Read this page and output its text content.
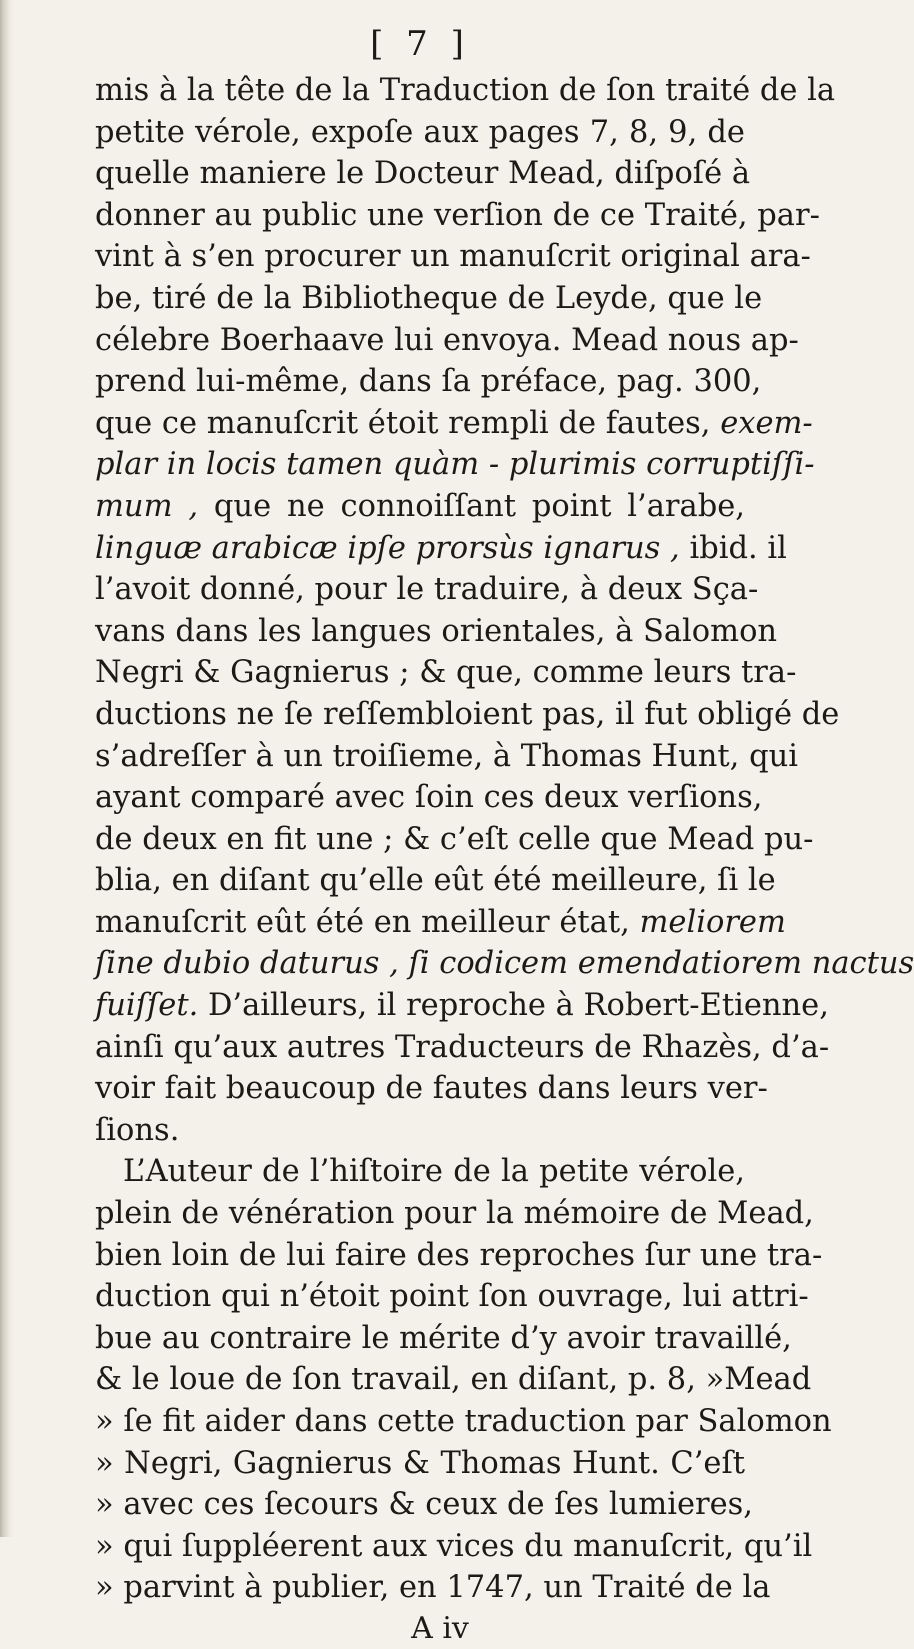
[ 7 ]
mis à la tête de la Traduction de ſon traité de la
petite vérole, expoſe aux pages 7, 8, 9, de
quelle maniere le Docteur Mead, diſpoſé à
donner au public une verſion de ce Traité, par-
vint à s’en procurer un manuſcrit original ara-
be, tiré de la Bibliotheque de Leyde, que le
célebre Boerhaave lui envoya. Mead nous ap-
prend lui-même, dans ſa préface, pag. 300,
que ce manuſcrit étoit rempli de fautes, exem-
plar in locis tamen quàm - plurimis corruptiſſi-
mum , que ne connoiſſant point l’arabe,
linguæ arabicæ ipſe prorsùs ignarus , ibid. il
l’avoit donné, pour le traduire, à deux Sça-
vans dans les langues orientales, à Salomon
Negri & Gagnierus ; & que, comme leurs tra-
ductions ne ſe reſſembloient pas, il fut obligé de
s’adreſſer à un troiſieme, à Thomas Hunt, qui
ayant comparé avec ſoin ces deux verſions,
de deux en fit une ; & c’eſt celle que Mead pu-
blia, en diſant qu’elle eût été meilleure, ſi le
manuſcrit eût été en meilleur état, meliorem
ſine dubio daturus , ſi codicem emendatiorem nactus
fuiſſet. D’ailleurs, il reproche à Robert-Etienne,
ainſi qu’aux autres Traducteurs de Rhazès, d’a-
voir fait beaucoup de fautes dans leurs ver-
ſions.
L’Auteur de l’hiſtoire de la petite vérole,
plein de vénération pour la mémoire de Mead,
bien loin de lui faire des reproches ſur une tra-
duction qui n’étoit point ſon ouvrage, lui attri-
bue au contraire le mérite d’y avoir travaillé,
& le loue de ſon travail, en diſant, p. 8, »Mead
» ſe fit aider dans cette traduction par Salomon
» Negri, Gagnierus & Thomas Hunt. C’eſt
» avec ces ſecours & ceux de ſes lumieres,
» qui ſuppléerent aux vices du manuſcrit, qu’il
» parvint à publier, en 1747, un Traité de la
A iv
